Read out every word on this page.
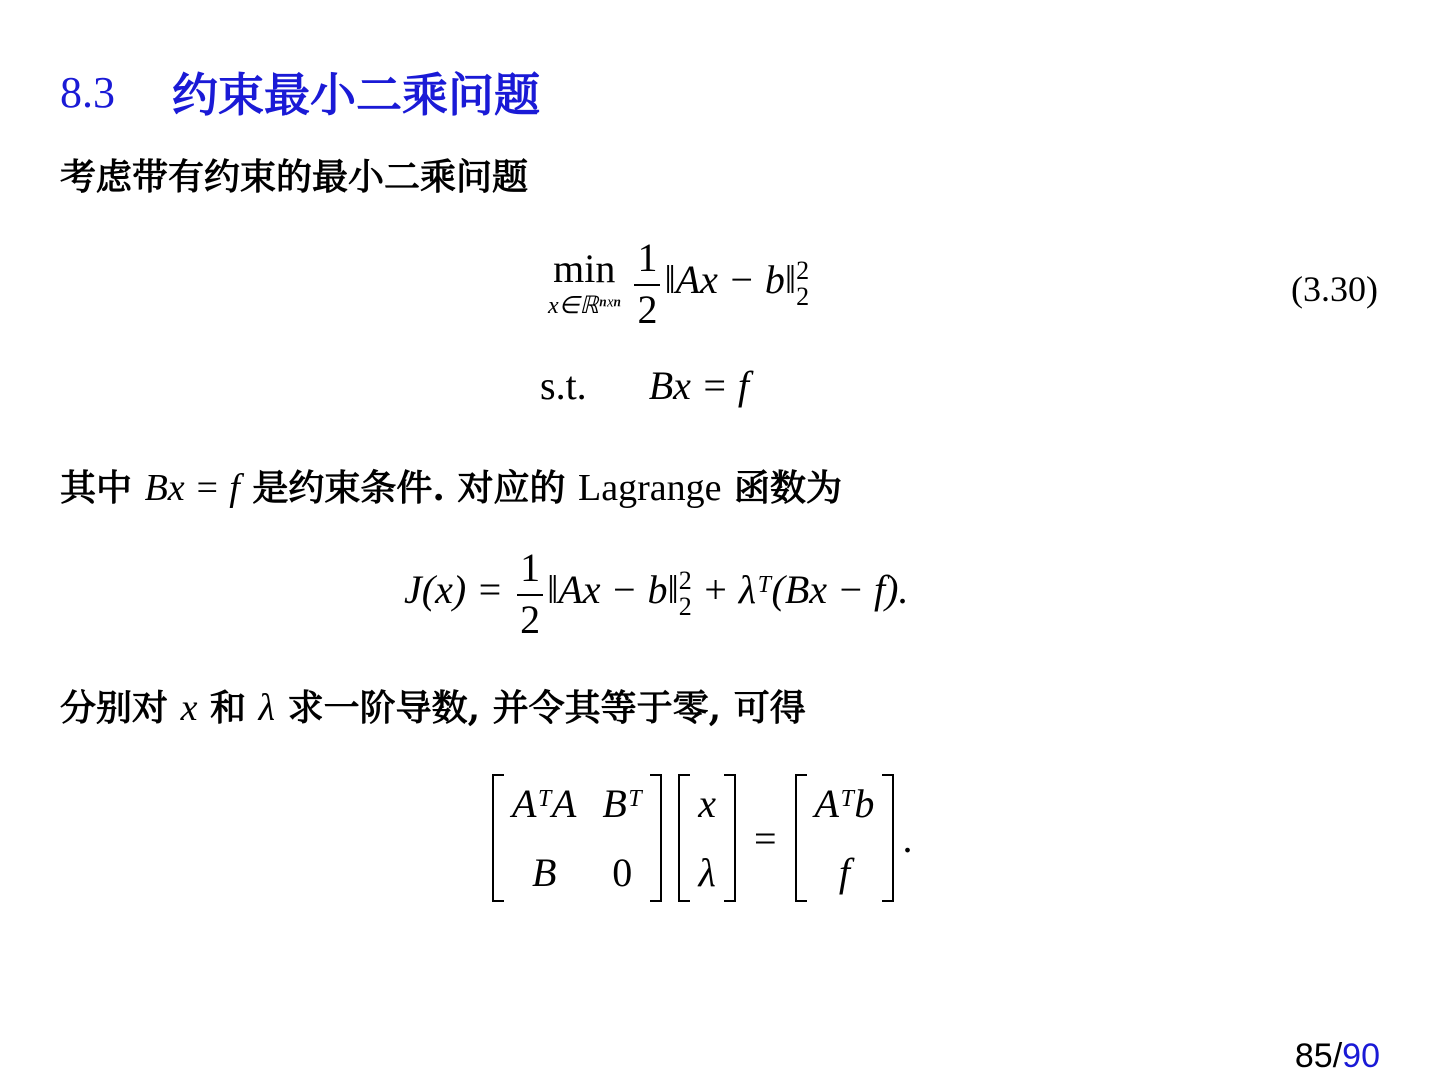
8.3	约束最小二乘问题
考虑带有约束的最小二乘问题
min
x∈ℝⁿˣⁿ
$\frac{1}{2}$ ‖Ax − b‖ 2
2	(3.30)
s.t. Bx = f
其中 Bx = f 是约束条件. 对应的 Lagrange 函数为
$J(x) = \frac{1}{2}$ ‖Ax − b‖ 2
2 + λᵀ(Bx − f).
分别对 x 和 λ 求一阶导数, 并令其等于零, 可得
AᵀA Bᵀ
B 0
x
λ
=
Aᵀb
f
.
85/90
